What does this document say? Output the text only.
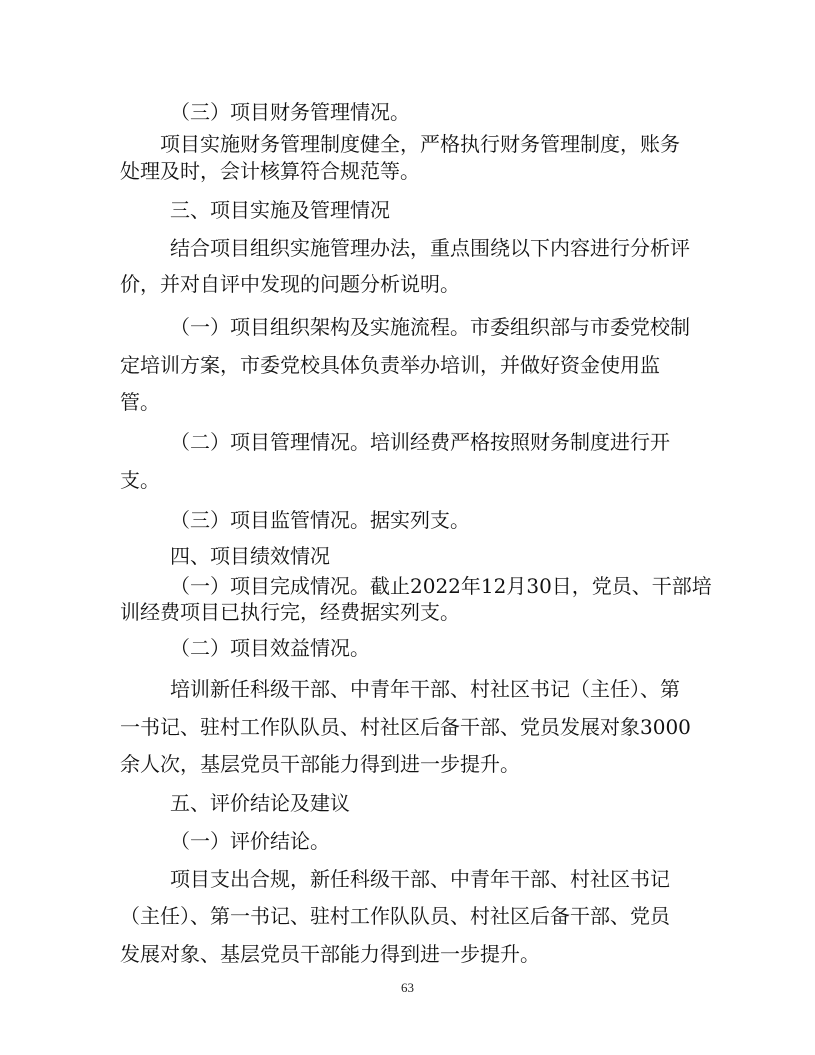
（三）项目财务管理情况。
项目实施财务管理制度健全，严格执行财务管理制度，账务
处理及时，会计核算符合规范等。
三、项目实施及管理情况
结合项目组织实施管理办法，重点围绕以下内容进行分析评
价，并对自评中发现的问题分析说明。
（一）项目组织架构及实施流程。市委组织部与市委党校制
定培训方案，市委党校具体负责举办培训，并做好资金使用监
管。
（二）项目管理情况。培训经费严格按照财务制度进行开
支。
（三）项目监管情况。据实列支。
四、项目绩效情况
（一）项目完成情况。截止2022年12月30日，党员、干部培
训经费项目已执行完，经费据实列支。
（二）项目效益情况。
培训新任科级干部、中青年干部、村社区书记（主任）、第
一书记、驻村工作队队员、村社区后备干部、党员发展对象3000
余人次，基层党员干部能力得到进一步提升。
五、评价结论及建议
（一）评价结论。
项目支出合规，新任科级干部、中青年干部、村社区书记
（主任）、第一书记、驻村工作队队员、村社区后备干部、党员
发展对象、基层党员干部能力得到进一步提升。
63
